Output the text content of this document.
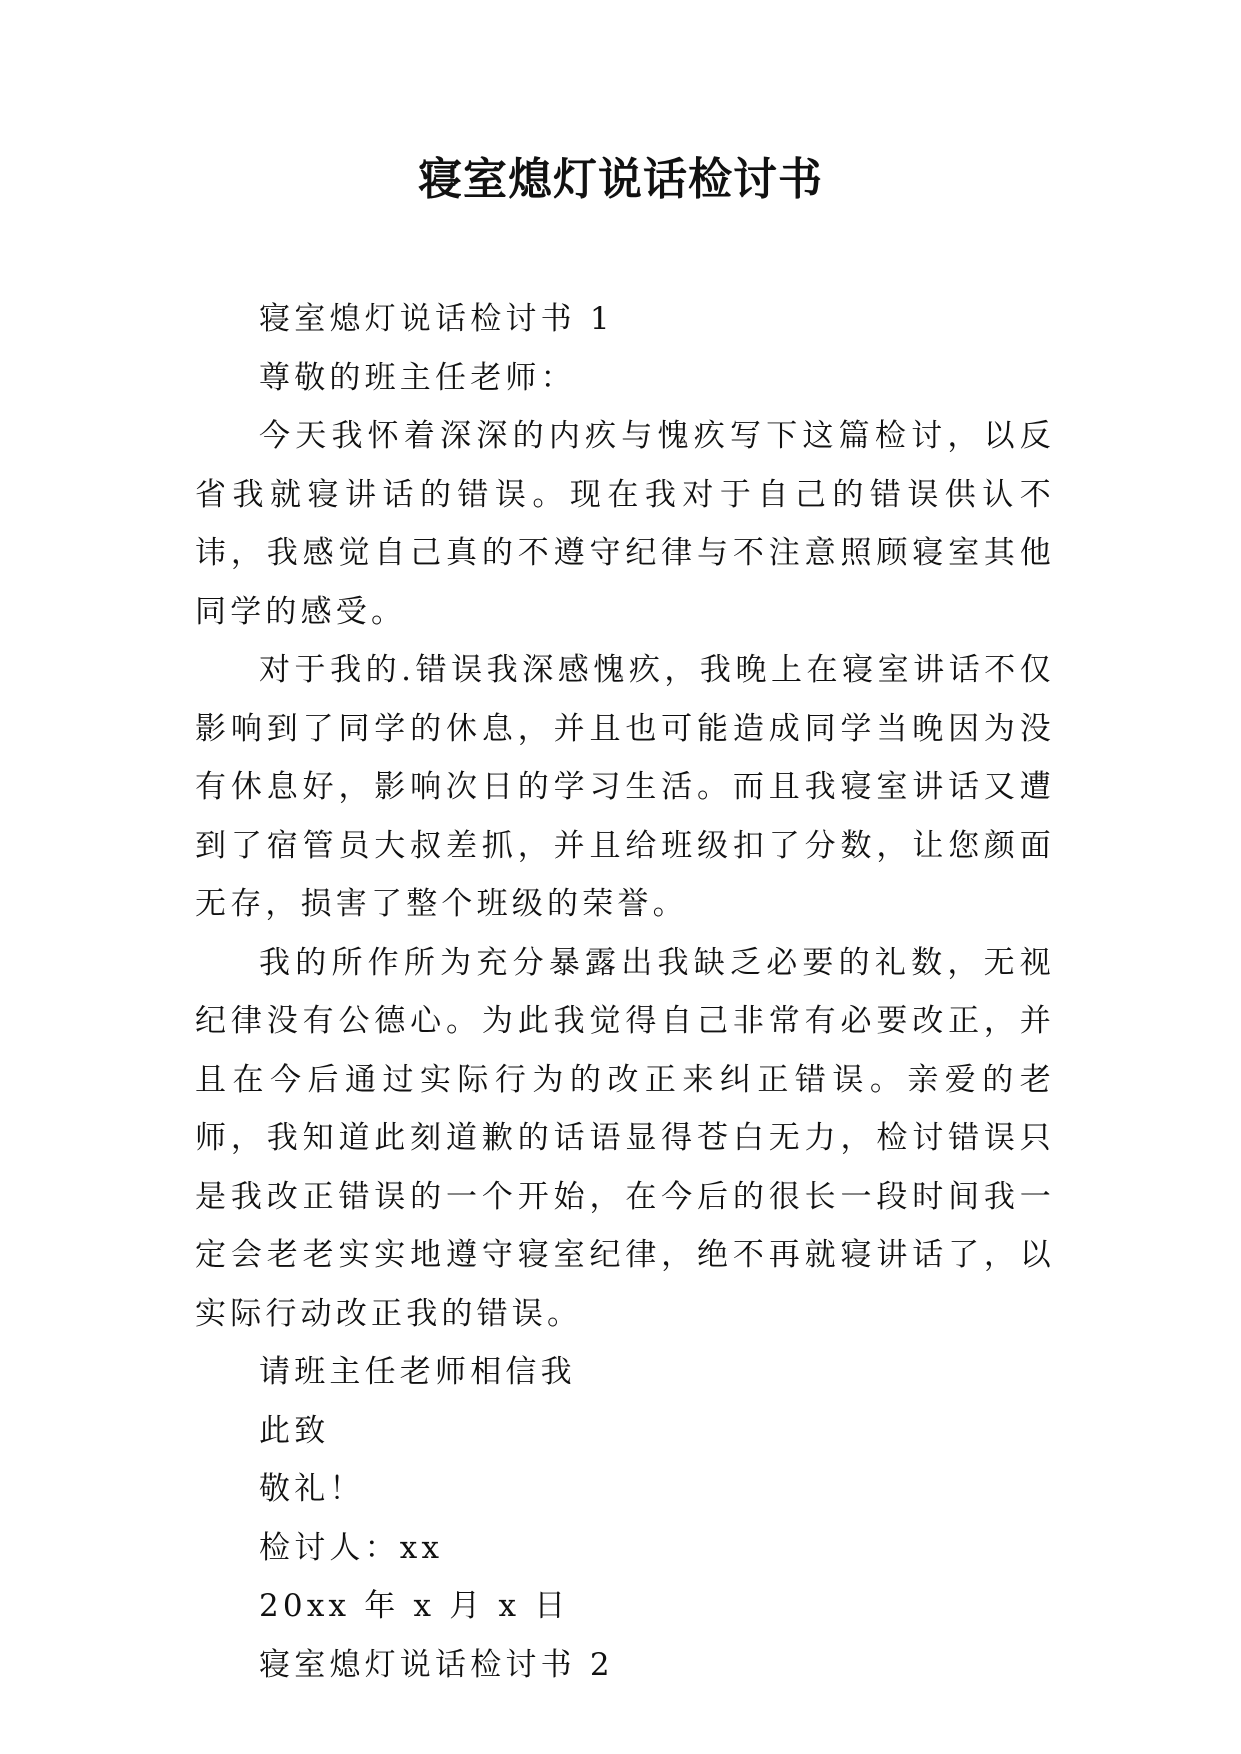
寝室熄灯说话检讨书

寝室熄灯说话检讨书 1

尊敬的班主任老师：

今天我怀着深深的内疚与愧疚写下这篇检讨，以反省我就寝讲话的错误。现在我对于自己的错误供认不讳，我感觉自己真的不遵守纪律与不注意照顾寝室其他同学的感受。

对于我的.错误我深感愧疚，我晚上在寝室讲话不仅影响到了同学的休息，并且也可能造成同学当晚因为没有休息好，影响次日的学习生活。而且我寝室讲话又遭到了宿管员大叔差抓，并且给班级扣了分数，让您颜面无存，损害了整个班级的荣誉。

我的所作所为充分暴露出我缺乏必要的礼数，无视纪律没有公德心。为此我觉得自己非常有必要改正，并且在今后通过实际行为的改正来纠正错误。亲爱的老师，我知道此刻道歉的话语显得苍白无力，检讨错误只是我改正错误的一个开始，在今后的很长一段时间我一定会老老实实地遵守寝室纪律，绝不再就寝讲话了，以实际行动改正我的错误。

请班主任老师相信我

此致

敬礼！

检讨人：xx

20xx 年 x 月 x 日

寝室熄灯说话检讨书 2
